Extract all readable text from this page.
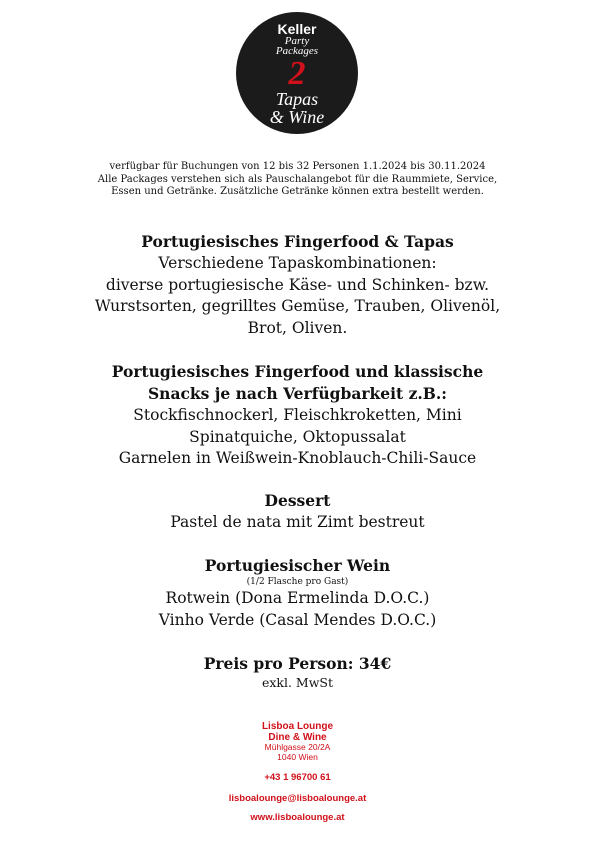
Keller
Party
Packages
2
Tapas
& Wine
verfügbar für Buchungen von 12 bis 32 Personen 1.1.2024 bis 30.11.2024
Alle Packages verstehen sich als Pauschalangebot für die Raummiete, Service,
Essen und Getränke. Zusätzliche Getränke können extra bestellt werden.
Portugiesisches Fingerfood & Tapas
Verschiedene Tapaskombinationen:
diverse portugiesische Käse- und Schinken- bzw.
Wurstsorten, gegrilltes Gemüse, Trauben, Olivenöl,
Brot, Oliven.
Portugiesisches Fingerfood und klassische
Snacks je nach Verfügbarkeit z.B.:
Stockfischnockerl, Fleischkroketten, Mini
Spinatquiche, Oktopussalat
Garnelen in Weißwein-Knoblauch-Chili-Sauce
Dessert
Pastel de nata mit Zimt bestreut
Portugiesischer Wein
(1/2 Flasche pro Gast)
Rotwein (Dona Ermelinda D.O.C.)
Vinho Verde (Casal Mendes D.O.C.)
Preis pro Person: 34€
exkl. MwSt
Lisboa Lounge
Dine & Wine
Mühlgasse 20/2A
1040 Wien
+43 1 96700 61
lisboalounge@lisboalounge.at
www.lisboalounge.at
